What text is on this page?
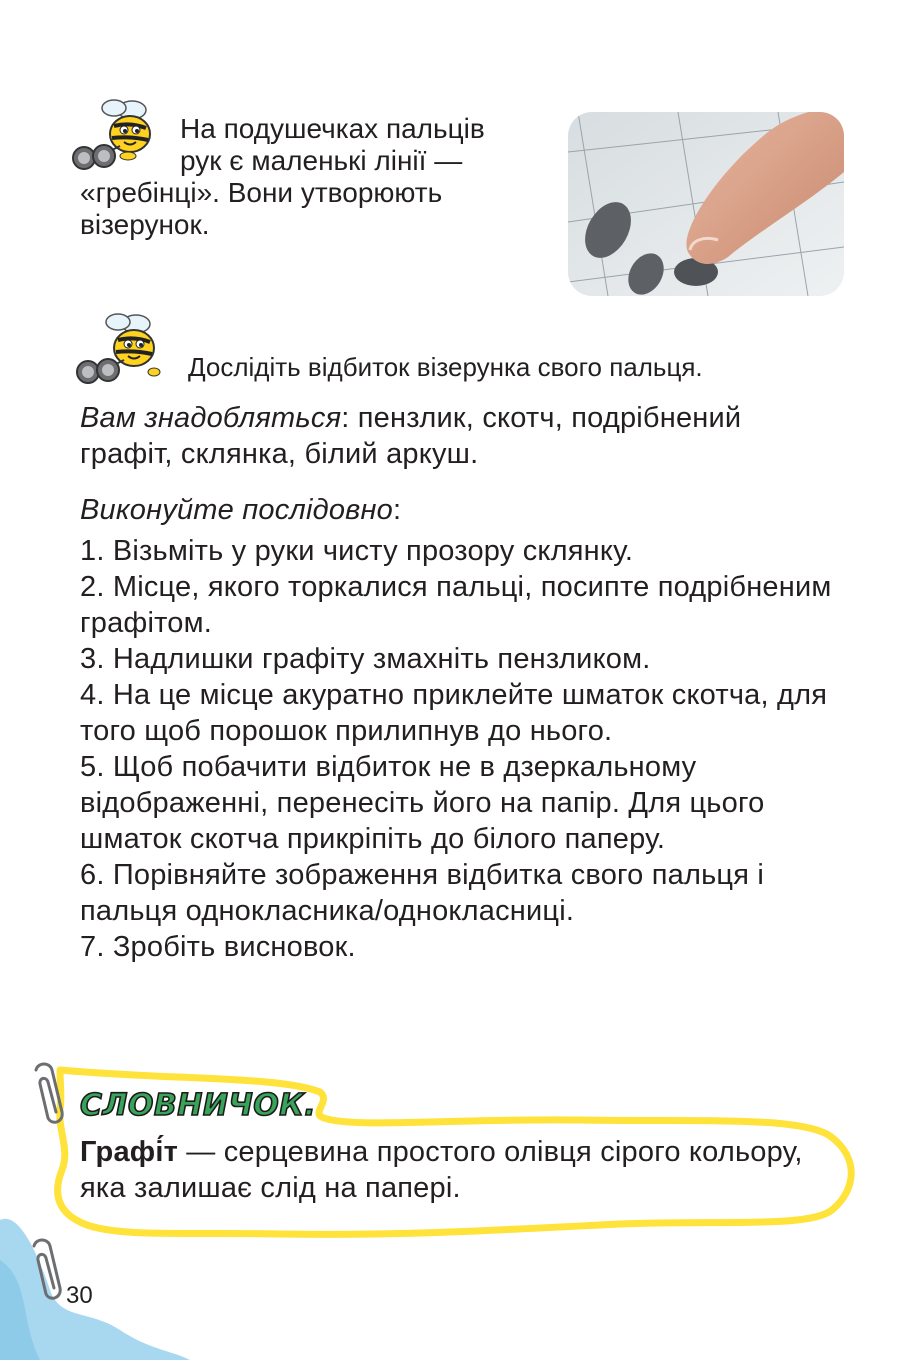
На подушечках пальців
рук є маленькі лінії —
«гребінці». Вони утворюють
візерунок.
Дослідіть відбиток візерунка свого пальця.
Вам знадобляться: пензлик, скотч, подрібнений графіт, склянка, білий аркуш.
Виконуйте послідовно:
1. Візьміть у руки чисту прозору склянку.
2. Місце, якого торкалися пальці, посипте подрібненим графітом.
3. Надлишки графіту змахніть пензликом.
4. На це місце акуратно приклейте шматок скотча, для того щоб порошок прилипнув до нього.
5. Щоб побачити відбиток не в дзеркальному відображенні, перенесіть його на папір. Для цього шматок скотча прикріпіть до білого паперу.
6. Порівняйте зображення відбитка свого пальця і пальця однокласника/однокласниці.
7. Зробіть висновок.
СЛОВНИЧОК.
Графі́т — серцевина простого олівця сірого кольору, яка залишає слід на папері.
30
